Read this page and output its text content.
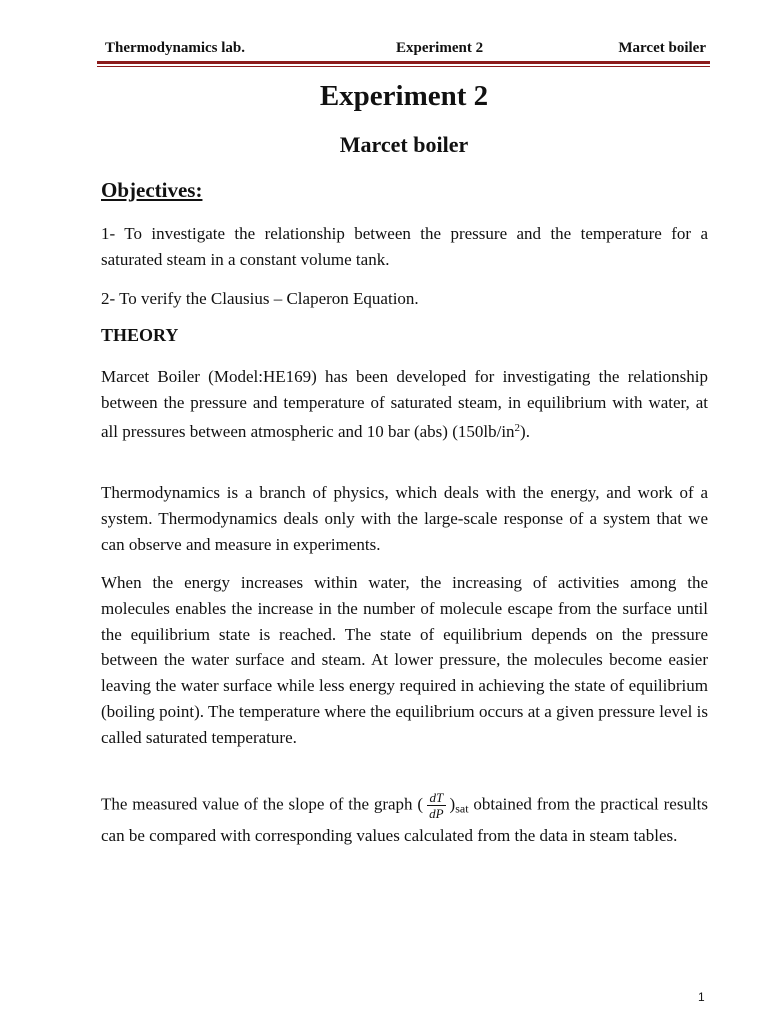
Thermodynamics lab.	Experiment 2	Marcet boiler
Experiment 2
Marcet boiler
Objectives:

1- To investigate the relationship between the pressure and the temperature for a saturated steam in a constant volume tank.

2- To verify the Clausius – Claperon Equation.

THEORY

Marcet Boiler (Model:HE169) has been developed for investigating the relationship between the pressure and temperature of saturated steam, in equilibrium with water, at all pressures between atmospheric and 10 bar (abs) $(150lb/in^2)$.

Thermodynamics is a branch of physics, which deals with the energy, and work of a system. Thermodynamics deals only with the large-scale response of a system that we can observe and measure in experiments.

When the energy increases within water, the increasing of activities among the molecules enables the increase in the number of molecule escape from the surface until the equilibrium state is reached. The state of equilibrium depends on the pressure between the water surface and steam. At lower pressure, the molecules become easier leaving the water surface while less energy required in achieving the state of equilibrium (boiling point). The temperature where the equilibrium occurs at a given pressure level is called saturated temperature.

The measured value of the slope of the graph ( $\frac{dT}{dP} )_{sat}$ obtained from the practical results can be compared with corresponding values calculated from the data in steam tables.

1
